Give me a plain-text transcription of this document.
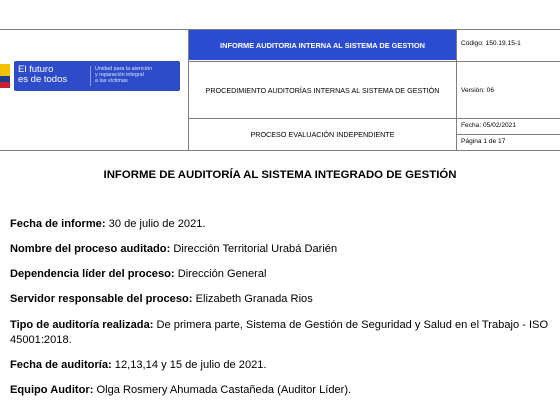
El futuro
es de todos
Unidad para la atención
y reparación integral
a las víctimas
INFORME AUDITORIA INTERNA AL SISTEMA DE GESTION
PROCEDIMIENTO AUDITORÍAS INTERNAS AL SISTEMA DE GESTIÓN
PROCESO EVALUACIÓN INDEPENDIENTE
Código: 150.19.15-1
Versión: 06
Fecha: 05/02/2021
Página 1 de 17
INFORME DE AUDITORÍA AL SISTEMA INTEGRADO DE GESTIÓN
Fecha de informe: 30 de julio de 2021.
Nombre del proceso auditado: Dirección Territorial Urabá Darién
Dependencia líder del proceso: Dirección General
Servidor responsable del proceso: Elizabeth Granada Rios
Tipo de auditoría realizada: De primera parte, Sistema de Gestión de Seguridad y Salud en el Trabajo - ISO 45001:2018.
Fecha de auditoría: 12,13,14 y 15 de julio de 2021.
Equipo Auditor: Olga Rosmery Ahumada Castañeda (Auditor Líder).
